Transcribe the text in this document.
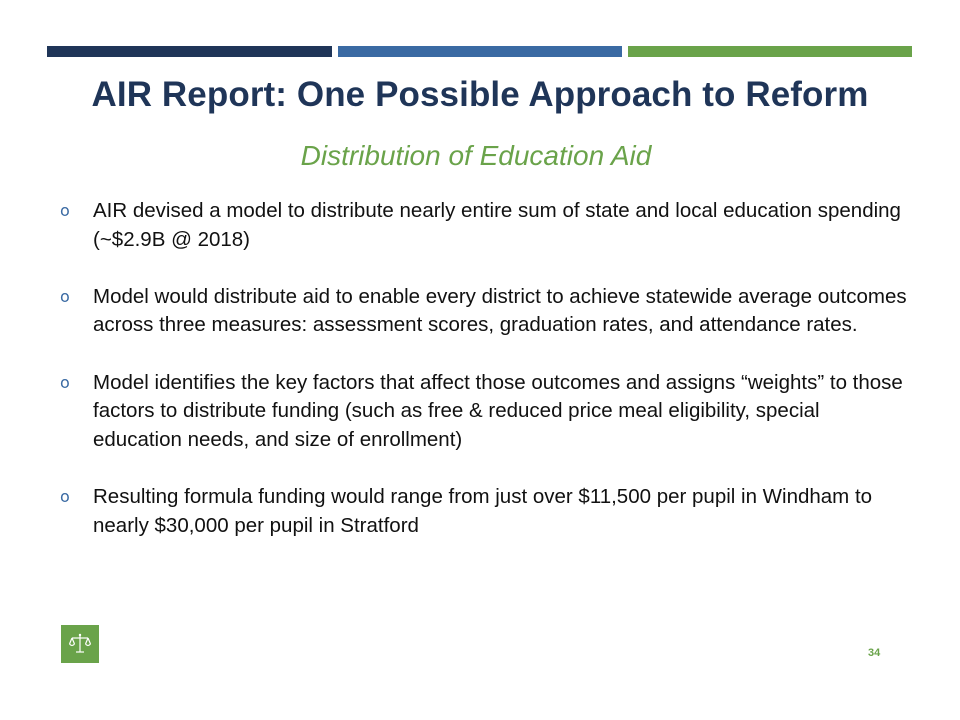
AIR Report: One Possible Approach to Reform
Distribution of Education Aid
o AIR devised a model to distribute nearly entire sum of state and local education spending (~$2.9B @ 2018)
o Model would distribute aid to enable every district to achieve statewide average outcomes across three measures: assessment scores, graduation rates, and attendance rates.
o Model identifies the key factors that affect those outcomes and assigns “weights” to those factors to distribute funding (such as free & reduced price meal eligibility, special education needs, and size of enrollment)
o Resulting formula funding would range from just over $11,500 per pupil in Windham to nearly $30,000 per pupil in Stratford
34
